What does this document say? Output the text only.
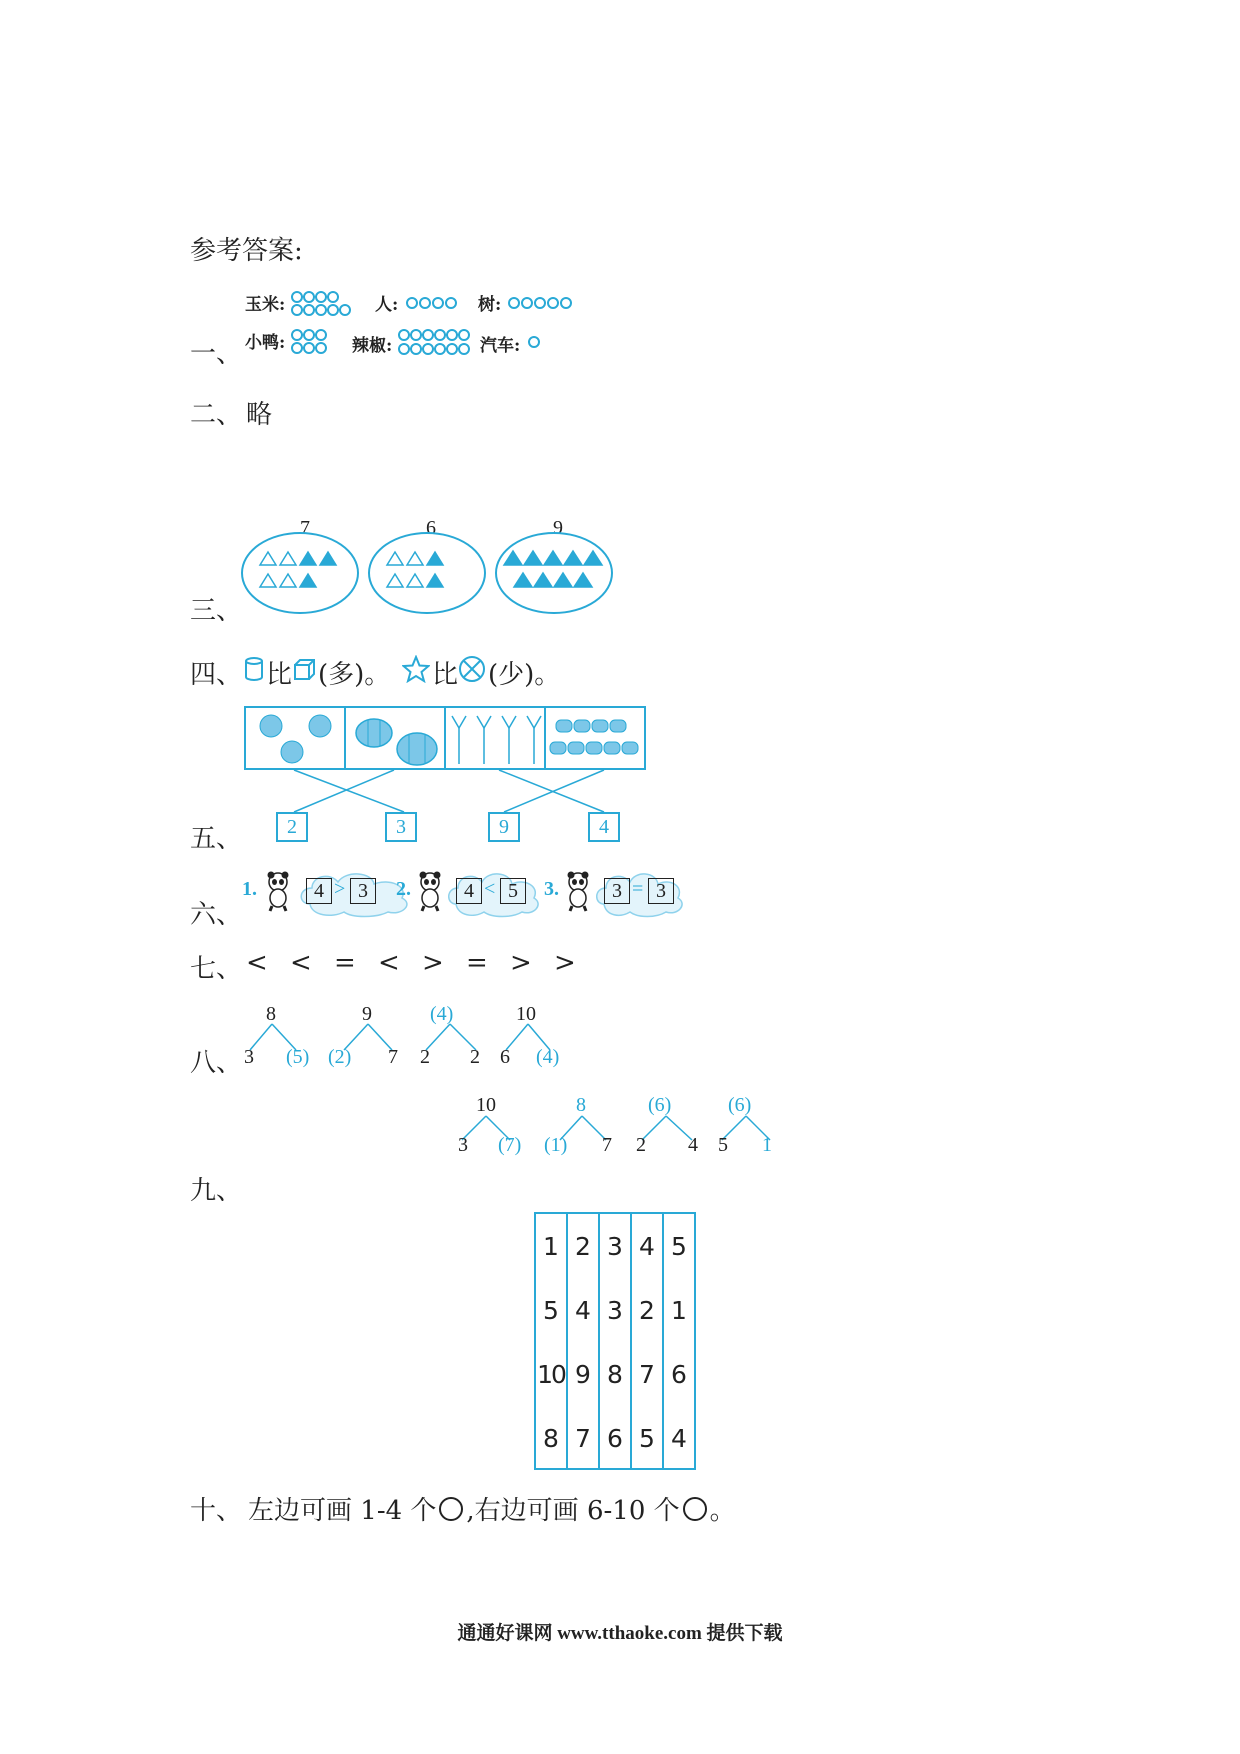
参考答案:
一、
玉米:	人:	树:
小鸭:	辣椒:	汽车:
二、 略
三、
7	6	9
四、 比 (多)。 比 (少)。
五、	2	3	9	4
六、
1.	4 > 3	2.	4 < 5	3.	3 = 3
七、 < < = < > = > >
八、
8
3 (5)
9
(2) 7
(4)
2 2
10
6 (4)
10
3 (7)
8
(1) 7
(6)
2 4
(6)
5 1
九、
1 2 3 4 5
5 4 3 2 1
10 9 8 7 6
8 7 6 5 4
十、 左边可画 1-4 个 ,右边可画 6-10 个 。
通通好课网 www.tthaoke.com 提供下载
